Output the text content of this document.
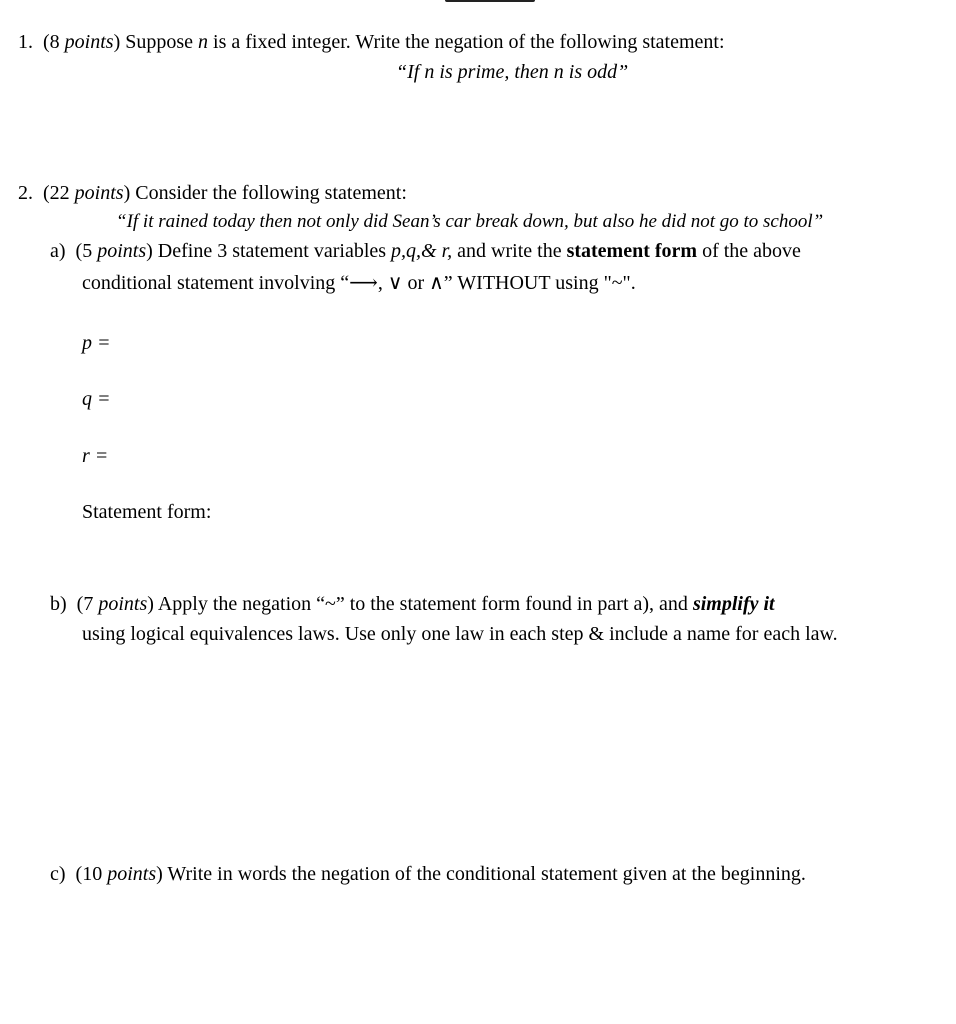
1. (8 points) Suppose n is a fixed integer. Write the negation of the following statement:
“If n is prime, then n is odd”
2. (22 points) Consider the following statement:
“If it rained today then not only did Sean’s car break down, but also he did not go to school”
a) (5 points) Define 3 statement variables p,q,& r, and write the statement form of the above
conditional statement involving “⟶, ∨ or ∧” WITHOUT using "~".
p =
q =
r =
Statement form:
b) (7 points) Apply the negation “~” to the statement form found in part a), and simplify it
using logical equivalences laws. Use only one law in each step & include a name for each law.
c) (10 points) Write in words the negation of the conditional statement given at the beginning.
